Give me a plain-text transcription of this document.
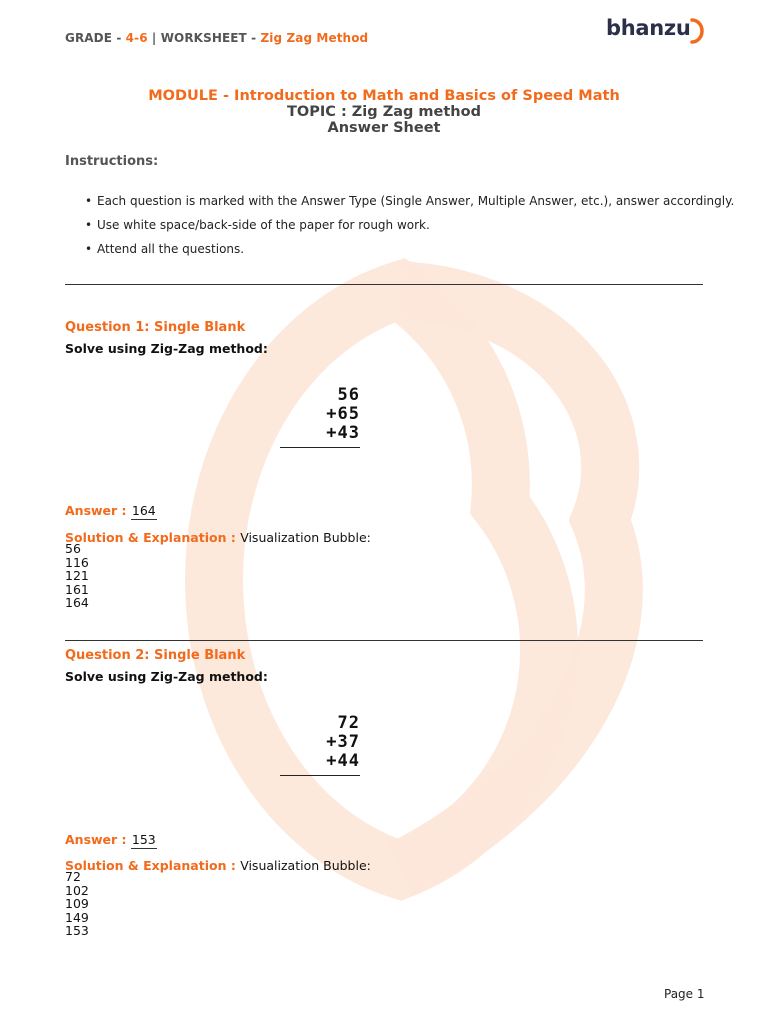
GRADE - 4-6 | WORKSHEET - Zig Zag Method	bhanzu
MODULE - Introduction to Math and Basics of Speed Math
TOPIC : Zig Zag method
Answer Sheet
Instructions:
• Each question is marked with the Answer Type (Single Answer, Multiple Answer, etc.), answer accordingly.
• Use white space/back-side of the paper for rough work.
• Attend all the questions.
Question 1: Single Blank
Solve using Zig-Zag method:
56
+65
+43
Answer : 164
Solution & Explanation : Visualization Bubble:
56
116
121
161
164
Question 2: Single Blank
Solve using Zig-Zag method:
72
+37
+44
Answer : 153
Solution & Explanation : Visualization Bubble:
72
102
109
149
153
Page 1
